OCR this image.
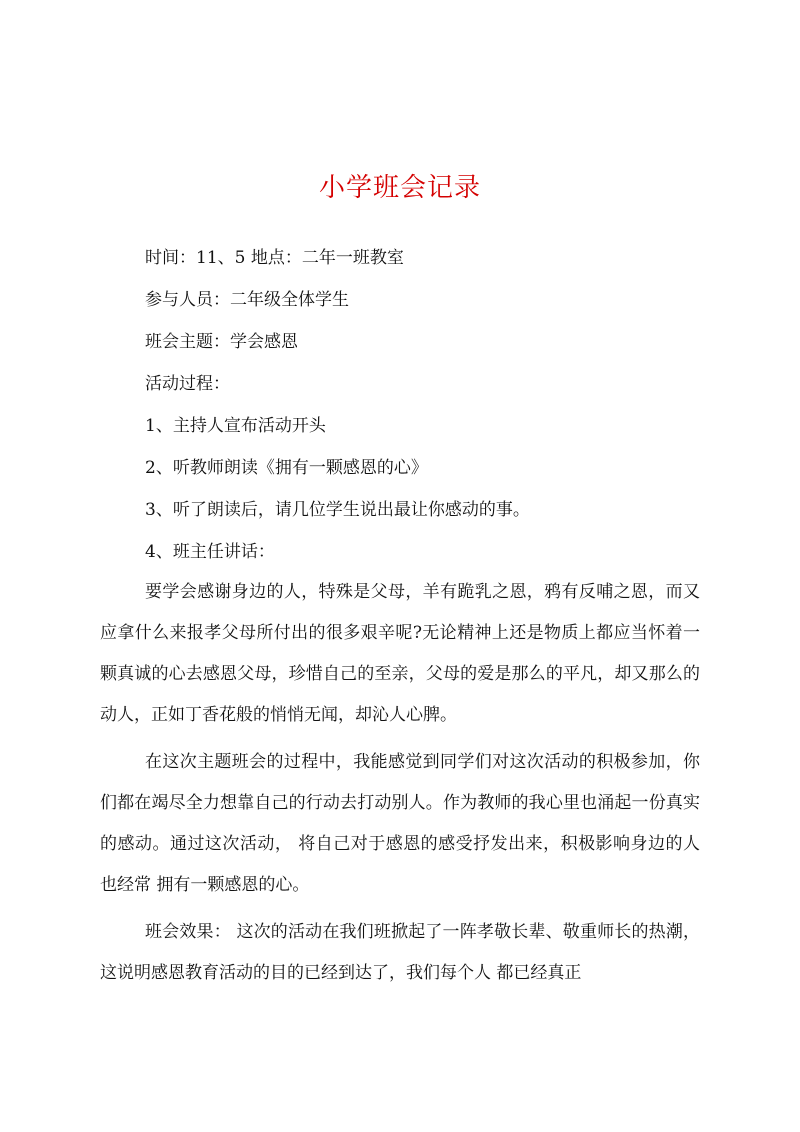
小学班会记录
时间：11、5 地点：二年一班教室
参与人员：二年级全体学生
班会主题：学会感恩
活动过程：
1、主持人宣布活动开头
2、听教师朗读《拥有一颗感恩的心》
3、听了朗读后，请几位学生说出最让你感动的事。
4、班主任讲话：

要学会感谢身边的人，特殊是父母，羊有跪乳之恩，鸦有反哺之恩，而又应拿什么来报孝父母所付出的很多艰辛呢?无论精神上还是物质上都应当怀着一颗真诚的心去感恩父母，珍惜自己的至亲，父母的爱是那么的平凡，却又那么的动人，正如丁香花般的悄悄无闻，却沁人心脾。

在这次主题班会的过程中，我能感觉到同学们对这次活动的积极参加，你们都在竭尽全力想靠自己的行动去打动别人。作为教师的我心里也涌起一份真实的感动。通过这次活动， 将自己对于感恩的感受抒发出来，积极影响身边的人也经常 拥有一颗感恩的心。

班会效果： 这次的活动在我们班掀起了一阵孝敬长辈、敬重师长的热潮，这说明感恩教育活动的目的已经到达了，我们每个人 都已经真正
